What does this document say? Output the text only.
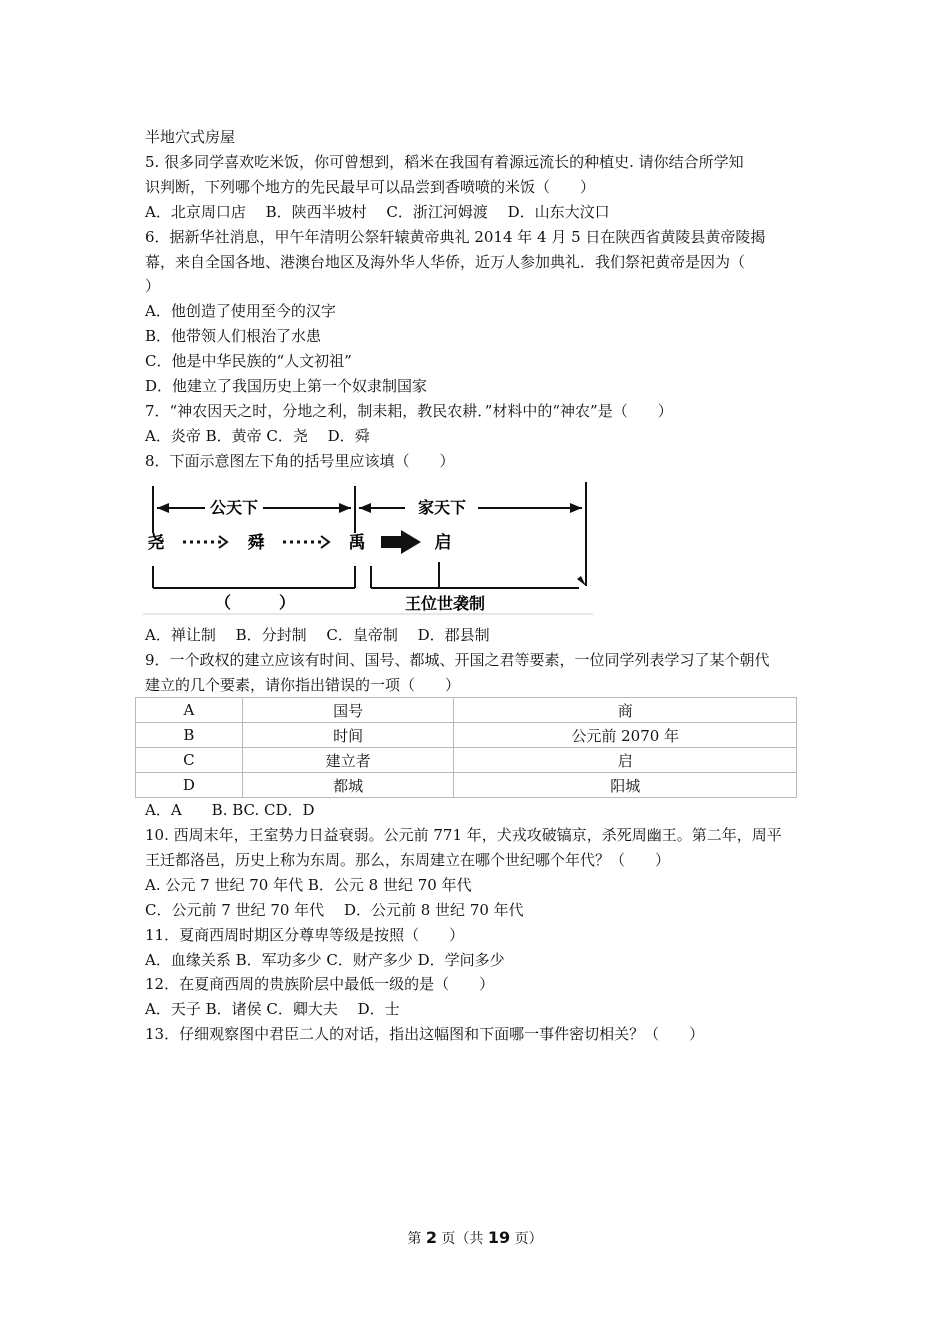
半地穴式房屋
5. 很多同学喜欢吃米饭，你可曾想到，稻米在我国有着源远流长的种植史. 请你结合所学知
识判断，下列哪个地方的先民最早可以品尝到香喷喷的米饭（　　）
A．北京周口店　 B．陕西半坡村　 C．浙江河姆渡　 D．山东大汶口
6．据新华社消息，甲午年清明公祭轩辕黄帝典礼 2014 年 4 月 5 日在陕西省黄陵县黄帝陵揭
幕，来自全国各地、港澳台地区及海外华人华侨，近万人参加典礼．我们祭祀黄帝是因为（
）
A．他创造了使用至今的汉字
B．他带领人们根治了水患
C．他是中华民族的“人文初祖”
D．他建立了我国历史上第一个奴隶制国家
7．“神农因天之时，分地之利，制耒耜，教民农耕．”材料中的“神农”是（　　）
A．炎帝 B．黄帝 C．尧　 D．舜
8．下面示意图左下角的括号里应该填（　　）
公天下	家天下
尧	舜	禹	启
（　　　）	王位世袭制
A．禅让制　 B．分封制　 C．皇帝制　 D．郡县制
9．一个政权的建立应该有时间、国号、都城、开国之君等要素，一位同学列表学习了某个朝代
建立的几个要素，请你指出错误的一项（　　）
A	国号	商
B	时间	公元前 2070 年
C	建立者	启
D	都城	阳城
A．A　　B. BC. CD．D
10. 西周末年，王室势力日益衰弱。公元前 771 年，犬戎攻破镐京，杀死周幽王。第二年，周平
王迁都洛邑，历史上称为东周。那么，东周建立在哪个世纪哪个年代？（　　）
A. 公元 7 世纪 70 年代 B．公元 8 世纪 70 年代
C．公元前 7 世纪 70 年代　 D．公元前 8 世纪 70 年代
11．夏商西周时期区分尊卑等级是按照（　　）
A．血缘关系 B．军功多少 C．财产多少 D．学问多少
12．在夏商西周的贵族阶层中最低一级的是（　　）
A．天子 B．诸侯 C．卿大夫　 D．士
13．仔细观察图中君臣二人的对话，指出这幅图和下面哪一事件密切相关？（　　）
第 2 页（共 19 页）
